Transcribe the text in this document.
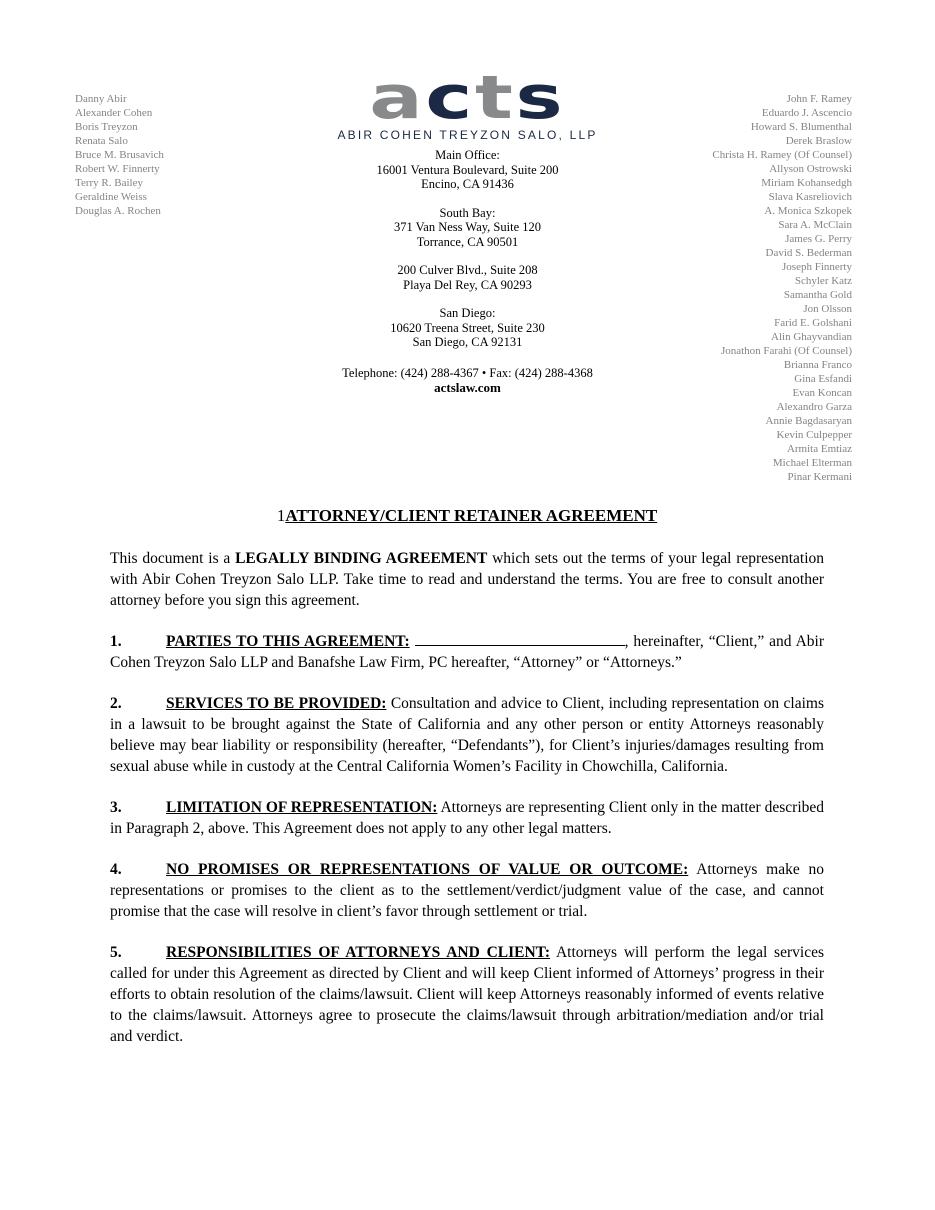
Danny Abir
Alexander Cohen
Boris Treyzon
Renata Salo
Bruce M. Brusavich
Robert W. Finnerty
Terry R. Bailey
Geraldine Weiss
Douglas A. Rochen
John F. Ramey
Eduardo J. Ascencio
Howard S. Blumenthal
Derek Braslow
Christa H. Ramey (Of Counsel)
Allyson Ostrowski
Miriam Kohansedgh
Slava Kasreliovich
A. Monica Szkopek
Sara A. McClain
James G. Perry
David S. Bederman
Joseph Finnerty
Schyler Katz
Samantha Gold
Jon Olsson
Farid E. Golshani
Alin Ghayvandian
Jonathon Farahi (Of Counsel)
Brianna Franco
Gina Esfandi
Evan Koncan
Alexandro Garza
Annie Bagdasaryan
Kevin Culpepper
Armita Emtiaz
Michael Elterman
Pinar Kermani
acts
ABIR COHEN TREYZON SALO, LLP
Main Office:
16001 Ventura Boulevard, Suite 200
Encino, CA 91436
South Bay:
371 Van Ness Way, Suite 120
Torrance, CA 90501
200 Culver Blvd., Suite 208
Playa Del Rey, CA 90293
San Diego:
10620 Treena Street, Suite 230
San Diego, CA 92131
Telephone: (424) 288-4367 • Fax: (424) 288-4368
actslaw.com
1ATTORNEY/CLIENT RETAINER AGREEMENT

This document is a LEGALLY BINDING AGREEMENT which sets out the terms of your legal representation with Abir Cohen Treyzon Salo LLP. Take time to read and understand the terms. You are free to consult another attorney before you sign this agreement.

1.	PARTIES TO THIS AGREEMENT:	, hereinafter, “Client,” and Abir Cohen Treyzon Salo LLP and Banafshe Law Firm, PC hereafter, “Attorney” or “Attorneys.”

2.	SERVICES TO BE PROVIDED: Consultation and advice to Client, including representation on claims in a lawsuit to be brought against the State of California and any other person or entity Attorneys reasonably believe may bear liability or responsibility (hereafter, “Defendants”), for Client’s injuries/damages resulting from sexual abuse while in custody at the Central California Women’s Facility in Chowchilla, California.

3.	LIMITATION OF REPRESENTATION: Attorneys are representing Client only in the matter described in Paragraph 2, above. This Agreement does not apply to any other legal matters.

4.	NO PROMISES OR REPRESENTATIONS OF VALUE OR OUTCOME: Attorneys make no representations or promises to the client as to the settlement/verdict/judgment value of the case, and cannot promise that the case will resolve in client’s favor through settlement or trial.

5.	RESPONSIBILITIES OF ATTORNEYS AND CLIENT: Attorneys will perform the legal services called for under this Agreement as directed by Client and will keep Client informed of Attorneys’ progress in their efforts to obtain resolution of the claims/lawsuit. Client will keep Attorneys reasonably informed of events relative to the claims/lawsuit. Attorneys agree to prosecute the claims/lawsuit through arbitration/mediation and/or trial and verdict.
